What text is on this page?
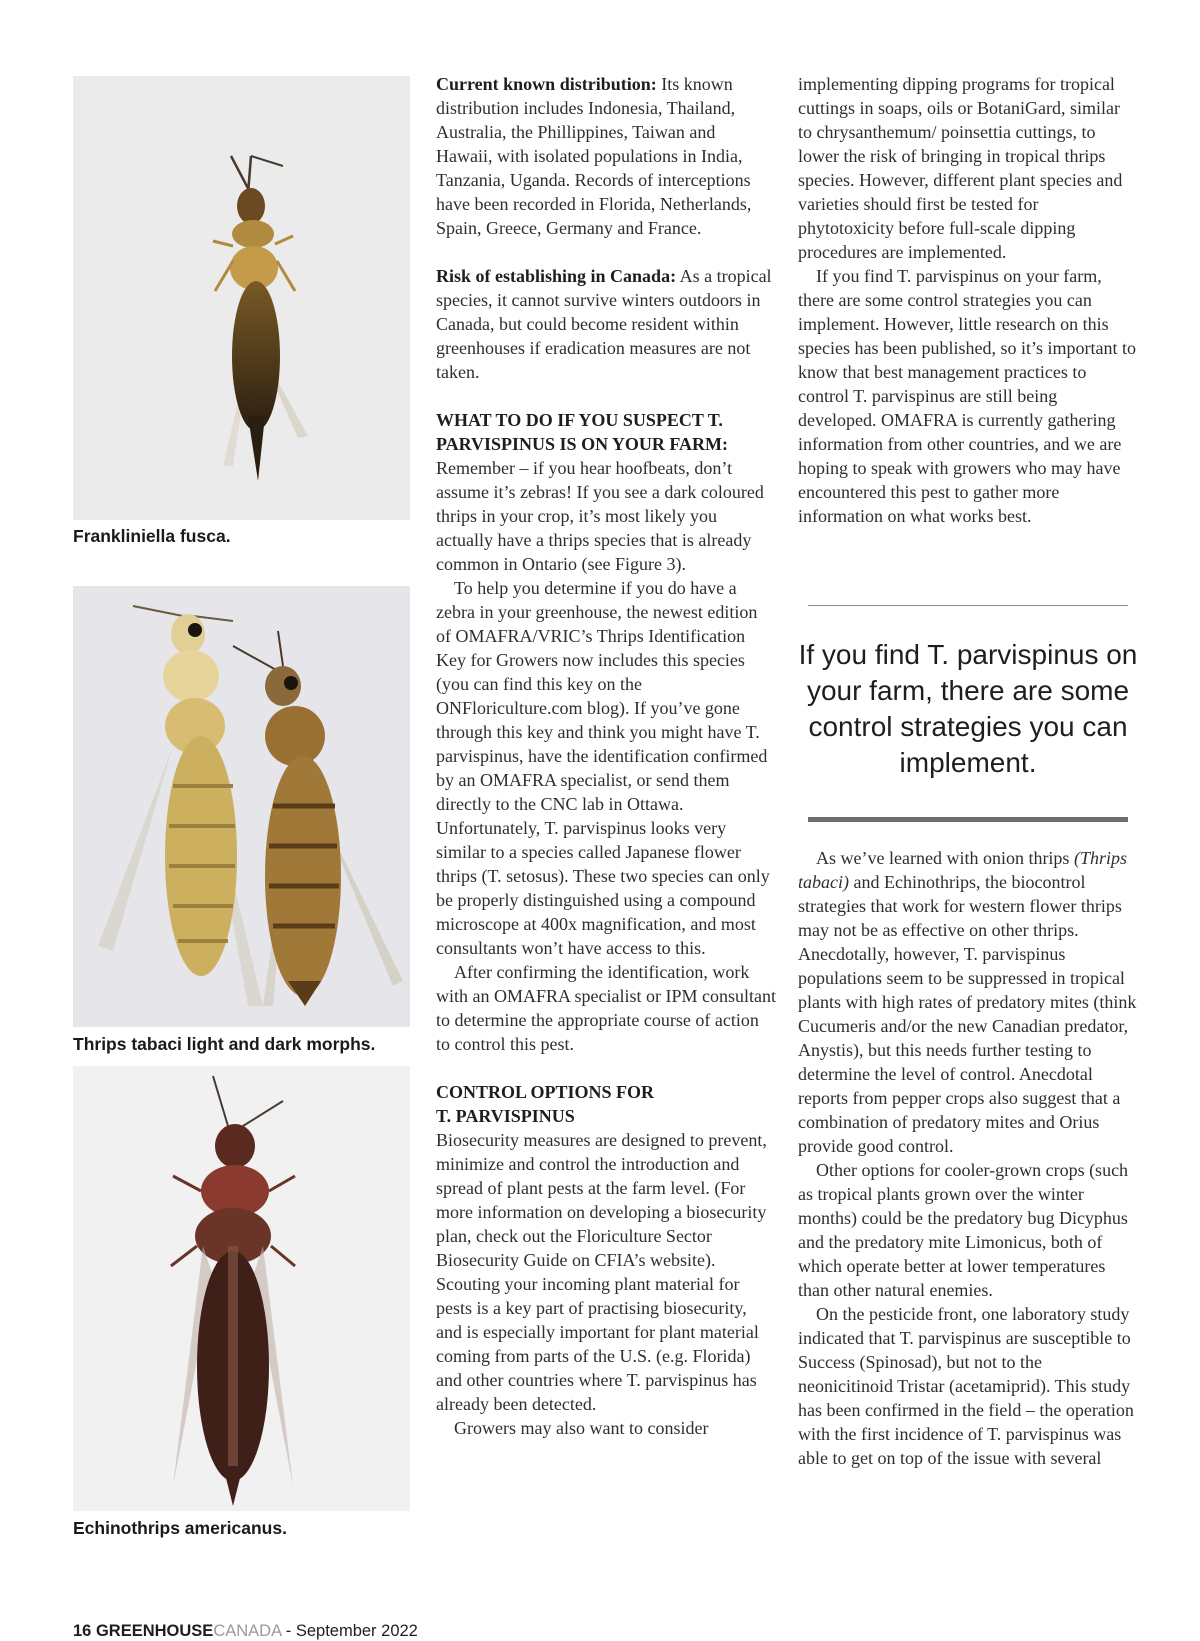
Frankliniella fusca.
Thrips tabaci light and dark morphs.
Echinothrips americanus.

Current known distribution: Its known distribution includes Indonesia, Thailand, Australia, the Phillippines, Taiwan and Hawaii, with isolated populations in India, Tanzania, Uganda. Records of interceptions have been recorded in Florida, Netherlands, Spain, Greece, Germany and France.

Risk of establishing in Canada: As a tropical species, it cannot survive winters outdoors in Canada, but could become resident within greenhouses if eradication measures are not taken.

WHAT TO DO IF YOU SUSPECT T. PARVISPINUS IS ON YOUR FARM:

Remember – if you hear hoofbeats, don’t assume it’s zebras! If you see a dark coloured thrips in your crop, it’s most likely you actually have a thrips species that is already common in Ontario (see Figure 3).

To help you determine if you do have a zebra in your greenhouse, the newest edition of OMAFRA/VRIC’s Thrips Identification Key for Growers now includes this species (you can find this key on the ONFloriculture.com blog). If you’ve gone through this key and think you might have T. parvispinus, have the identification confirmed by an OMAFRA specialist, or send them directly to the CNC lab in Ottawa. Unfortunately, T. parvispinus looks very similar to a species called Japanese flower thrips (T. setosus). These two species can only be properly distinguished using a compound microscope at 400x magnification, and most consultants won’t have access to this.

After confirming the identification, work with an OMAFRA specialist or IPM consultant to determine the appropriate course of action to control this pest.

CONTROL OPTIONS FOR
T. PARVISPINUS

Biosecurity measures are designed to prevent, minimize and control the introduction and spread of plant pests at the farm level. (For more information on developing a biosecurity plan, check out the Floriculture Sector Biosecurity Guide on CFIA’s website). Scouting your incoming plant material for pests is a key part of practising biosecurity, and is especially important for plant material coming from parts of the U.S. (e.g. Florida) and other countries where T. parvispinus has already been detected.

Growers may also want to consider

implementing dipping programs for tropical cuttings in soaps, oils or BotaniGard, similar to chrysanthemum/ poinsettia cuttings, to lower the risk of bringing in tropical thrips species. However, different plant species and varieties should first be tested for phytotoxicity before full-scale dipping procedures are implemented.

If you find T. parvispinus on your farm, there are some control strategies you can implement. However, little research on this species has been published, so it’s important to know that best management practices to control T. parvispinus are still being developed. OMAFRA is currently gathering information from other countries, and we are hoping to speak with growers who may have encountered this pest to gather more information on what works best.

If you find T. parvispinus on your farm, there are some control strategies you can implement.

As we’ve learned with onion thrips (Thrips tabaci) and Echinothrips, the biocontrol strategies that work for western flower thrips may not be as effective on other thrips. Anecdotally, however, T. parvispinus populations seem to be suppressed in tropical plants with high rates of predatory mites (think Cucumeris and/or the new Canadian predator, Anystis), but this needs further testing to determine the level of control. Anecdotal reports from pepper crops also suggest that a combination of predatory mites and Orius provide good control.

Other options for cooler-grown crops (such as tropical plants grown over the winter months) could be the predatory bug Dicyphus and the predatory mite Limonicus, both of which operate better at lower temperatures than other natural enemies.

On the pesticide front, one laboratory study indicated that T. parvispinus are susceptible to Success (Spinosad), but not to the neonicitinoid Tristar (acetamiprid). This study has been confirmed in the field – the operation with the first incidence of T. parvispinus was able to get on top of the issue with several

16 GREENHOUSECANADA - September 2022
